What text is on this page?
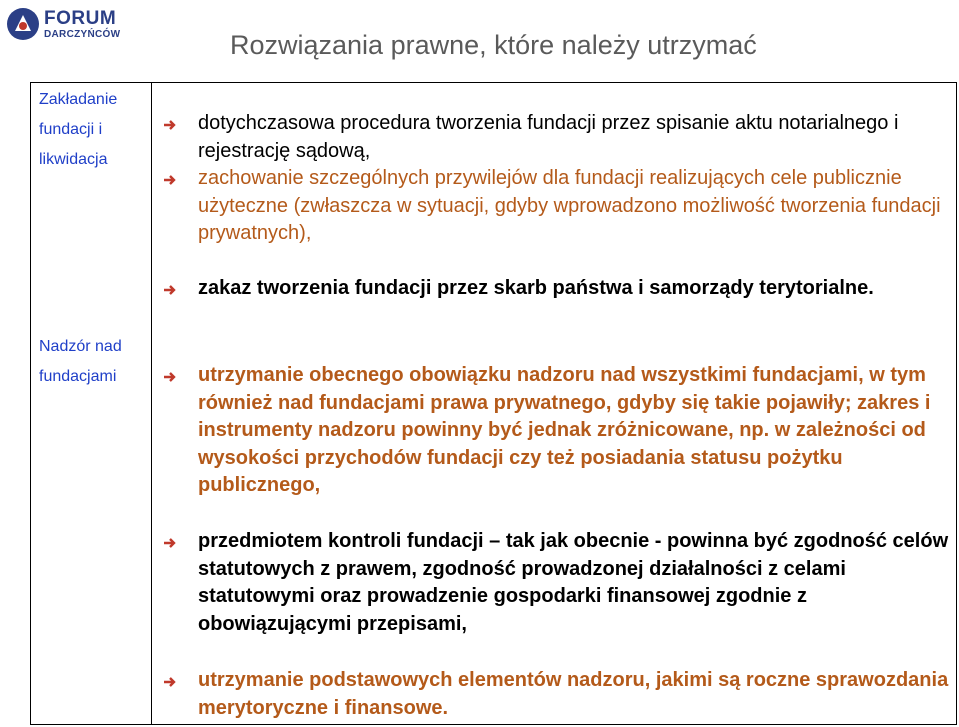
FORUM
DARCZYŃCÓW	Rozwiązania prawne, które należy utrzymać
Zakładanie
fundacji i
likwidacja
Nadzór nad
fundacjami
dotychczasowa procedura tworzenia fundacji przez spisanie aktu notarialnego i rejestrację sądową,
zachowanie szczególnych przywilejów dla fundacji realizujących cele publicznie użyteczne (zwłaszcza w sytuacji, gdyby wprowadzono możliwość tworzenia fundacji prywatnych),
zakaz tworzenia fundacji przez skarb państwa i samorządy terytorialne.
utrzymanie obecnego obowiązku nadzoru nad wszystkimi fundacjami, w tym również nad fundacjami prawa prywatnego, gdyby się takie pojawiły; zakres i instrumenty nadzoru powinny być jednak zróżnicowane, np. w zależności od wysokości przychodów fundacji czy też posiadania statusu pożytku publicznego,
przedmiotem kontroli fundacji – tak jak obecnie - powinna być zgodność celów statutowych z prawem, zgodność prowadzonej działalności z celami statutowymi oraz prowadzenie gospodarki finansowej zgodnie z obowiązującymi przepisami,
utrzymanie podstawowych elementów nadzoru, jakimi są roczne sprawozdania merytoryczne i finansowe.
